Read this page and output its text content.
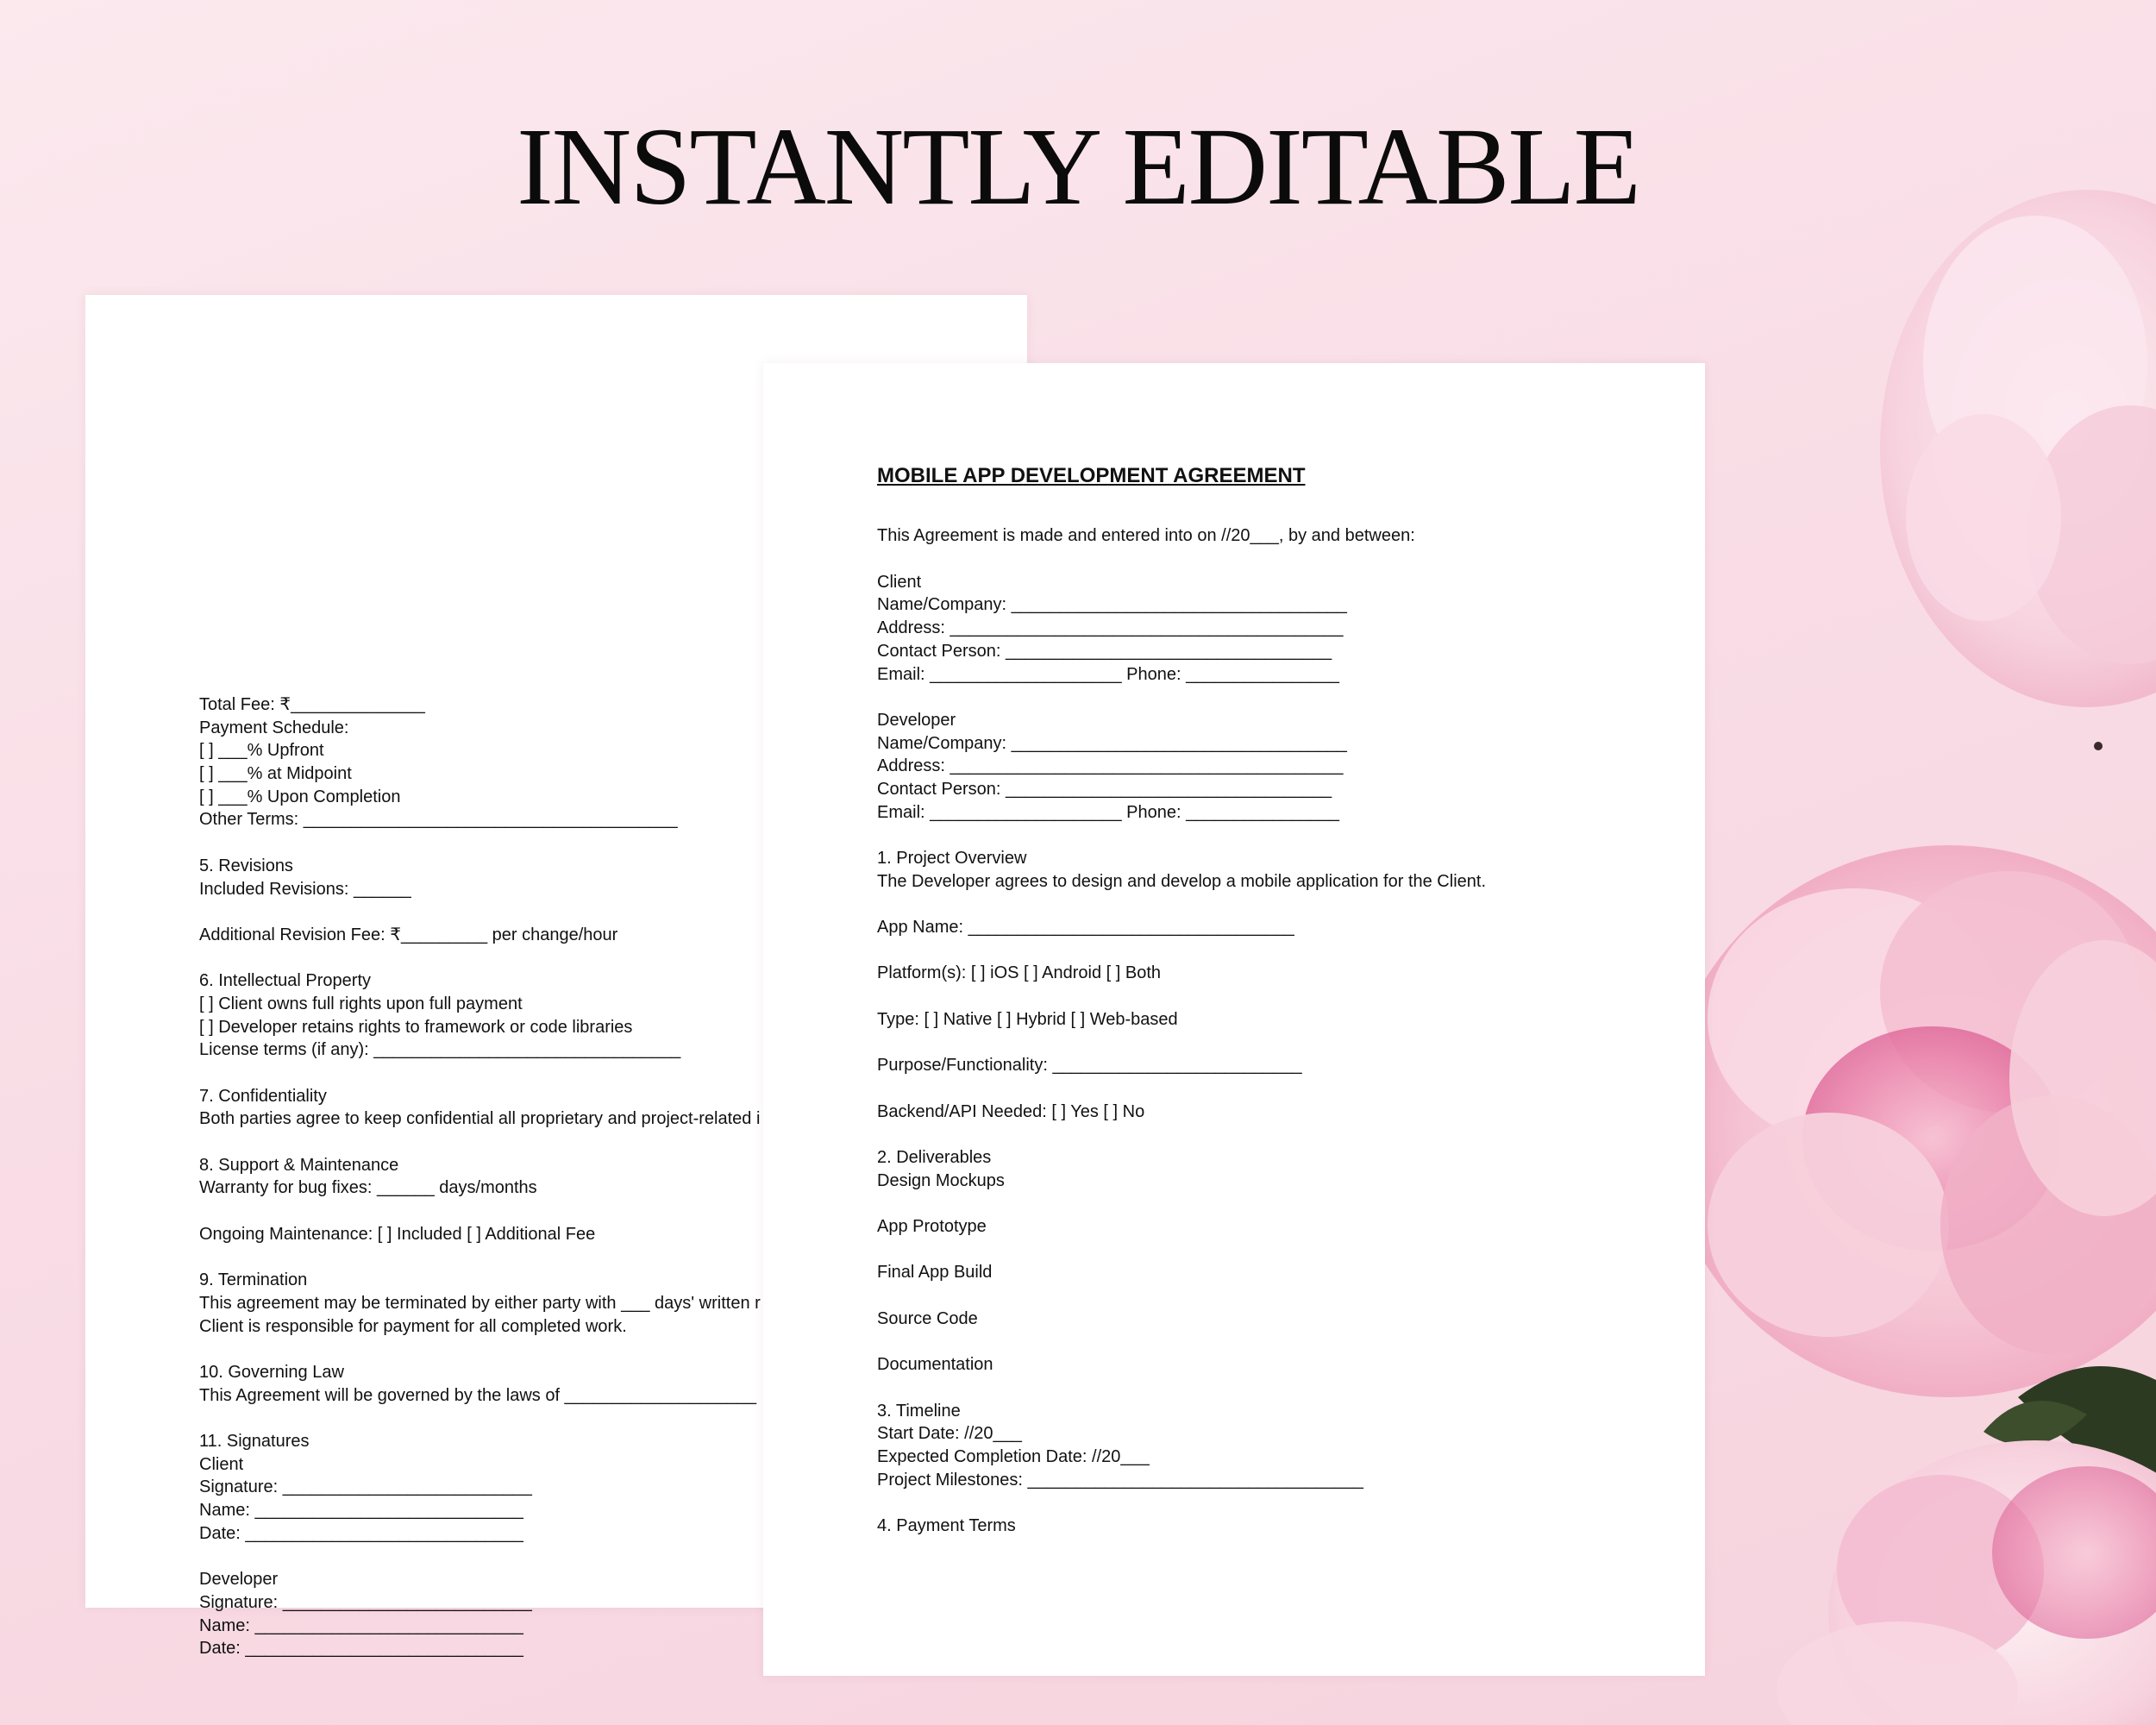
INSTANTLY EDITABLE
Total Fee: ₹______________
Payment Schedule:
[ ] ___% Upfront
[ ] ___% at Midpoint
[ ] ___% Upon Completion
Other Terms: _______________________________________
5. Revisions
Included Revisions: ______
Additional Revision Fee: ₹_________ per change/hour
6. Intellectual Property
[ ] Client owns full rights upon full payment
[ ] Developer retains rights to framework or code libraries
License terms (if any): ________________________________
7. Confidentiality
Both parties agree to keep confidential all proprietary and project-related i
8. Support & Maintenance
Warranty for bug fixes: ______ days/months
Ongoing Maintenance: [ ] Included [ ] Additional Fee
9. Termination
This agreement may be terminated by either party with ___ days' written r
Client is responsible for payment for all completed work.
10. Governing Law
This Agreement will be governed by the laws of ____________________
11. Signatures
Client
Signature: __________________________
Name: ____________________________
Date: _____________________________
Developer
Signature: __________________________
Name: ____________________________
Date: _____________________________

MOBILE APP DEVELOPMENT AGREEMENT

This Agreement is made and entered into on //20___, by and between:
Client
Name/Company: ___________________________________
Address: _________________________________________
Contact Person: __________________________________
Email: ____________________ Phone: ________________
Developer
Name/Company: ___________________________________
Address: _________________________________________
Contact Person: __________________________________
Email: ____________________ Phone: ________________
1. Project Overview
The Developer agrees to design and develop a mobile application for the Client.
App Name: __________________________________
Platform(s): [ ] iOS [ ] Android [ ] Both
Type: [ ] Native [ ] Hybrid [ ] Web-based
Purpose/Functionality: __________________________
Backend/API Needed: [ ] Yes [ ] No
2. Deliverables
Design Mockups
App Prototype
Final App Build
Source Code
Documentation
3. Timeline
Start Date: //20___
Expected Completion Date: //20___
Project Milestones: ___________________________________
4. Payment Terms
